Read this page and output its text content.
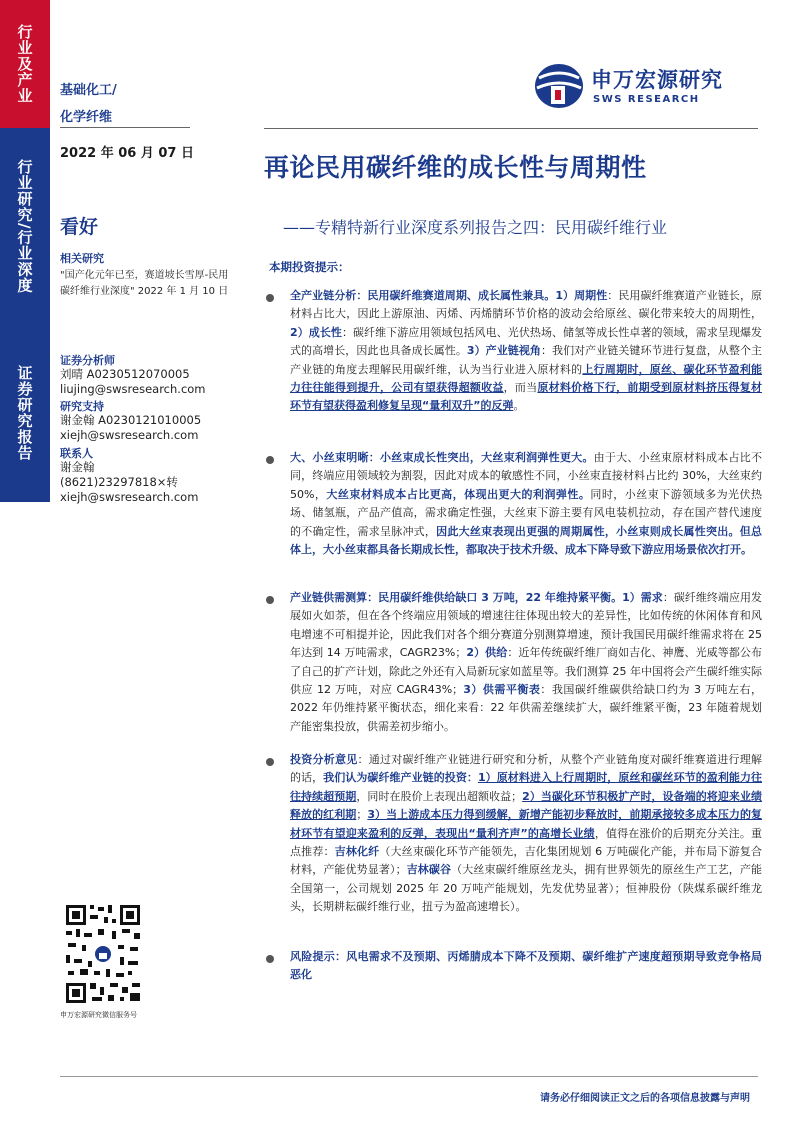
行业及产业
行业研究/行业深度
证券研究报告
基础化工/
化学纤维
2022 年 06 月 07 日
申万宏源研究
SWS RESEARCH
再论民用碳纤维的成长性与周期性
——专精特新行业深度系列报告之四：民用碳纤维行业
看好
相关研究
"国产化元年已至，赛道坡长雪厚-民用
碳纤维行业深度" 2022 年 1 月 10 日
证券分析师
刘晴 A0230512070005
liujing@swsresearch.com
研究支持
谢金翰 A0230121010005
xiejh@swsresearch.com
联系人
谢金翰
(8621)23297818×转
xiejh@swsresearch.com
本期投资提示：
全产业链分析：民用碳纤维赛道周期、成长属性兼具。1）周期性：民用碳纤维赛道产业链长，原材料占比大，因此上游原油、丙烯、丙烯腈环节价格的波动会给原丝、碳化带来较大的周期性，2）成长性：碳纤维下游应用领域包括风电、光伏热场、储氢等成长性卓著的领域，需求呈现爆发式的高增长，因此也具备成长属性。3）产业链视角：我们对产业链关键环节进行复盘，从整个主产业链的角度去理解民用碳纤维，认为当行业进入原材料的上行周期时，原丝、碳化环节盈利能力往往能得到提升，公司有望获得超额收益，而当原材料价格下行，前期受到原材料挤压得复材环节有望获得盈利修复呈现“量利双升”的反弹。
大、小丝束明晰：小丝束成长性突出，大丝束利润弹性更大。由于大、小丝束原材料成本占比不同，终端应用领域较为割裂，因此对成本的敏感性不同，小丝束直接材料占比约 30%，大丝束约 50%，大丝束材料成本占比更高，体现出更大的利润弹性。同时，小丝束下游领域多为光伏热场、储氢瓶，产品产值高，需求确定性强，大丝束下游主要有风电装机拉动，存在国产替代速度的不确定性，需求呈脉冲式，因此大丝束表现出更强的周期属性，小丝束则成长属性突出。但总体上，大小丝束都具备长期成长性，都取决于技术升级、成本下降导致下游应用场景依次打开。
产业链供需测算：民用碳纤维供给缺口 3 万吨，22 年维持紧平衡。1）需求：碳纤维终端应用发展如火如荼，但在各个终端应用领域的增速往往体现出较大的差异性，比如传统的休闲体育和风电增速不可相提并论，因此我们对各个细分赛道分别测算增速，预计我国民用碳纤维需求将在 25 年达到 14 万吨需求，CAGR23%；2）供给：近年传统碳纤维厂商如吉化、神鹰、光威等都公布了自己的扩产计划，除此之外还有入局新玩家如蓝星等。我们测算 25 年中国将会产生碳纤维实际供应 12 万吨，对应 CAGR43%；3）供需平衡表：我国碳纤维碳供给缺口约为 3 万吨左右，2022 年仍维持紧平衡状态，细化来看：22 年供需差继续扩大，碳纤维紧平衡，23 年随着规划产能密集投放，供需差初步缩小。
投资分析意见：通过对碳纤维产业链进行研究和分析，从整个产业链角度对碳纤维赛道进行理解的话，我们认为碳纤维产业链的投资：1）原材料进入上行周期时，原丝和碳丝环节的盈利能力往往持续超预期，同时在股价上表现出超额收益；2）当碳化环节积极扩产时，设备端的将迎来业绩释放的红利期；3）当上游成本压力得到缓解，新增产能初步释放时，前期承接较多成本压力的复材环节有望迎来盈利的反弹，表现出“量利齐声”的高增长业绩，值得在涨价的后期充分关注。重点推荐：吉林化纤（大丝束碳化环节产能领先，吉化集团规划 6 万吨碳化产能，并布局下游复合材料，产能优势显著）；吉林碳谷（大丝束碳纤维原丝龙头，拥有世界领先的原丝生产工艺，产能全国第一，公司规划 2025 年 20 万吨产能规划，先发优势显著）；恒神股份（陕煤系碳纤维龙头，长期耕耘碳纤维行业，扭亏为盈高速增长）。
风险提示：风电需求不及预期、丙烯腈成本下降不及预期、碳纤维扩产速度超预期导致竞争格局恶化
申万宏源研究微信服务号
请务必仔细阅读正文之后的各项信息披露与声明
